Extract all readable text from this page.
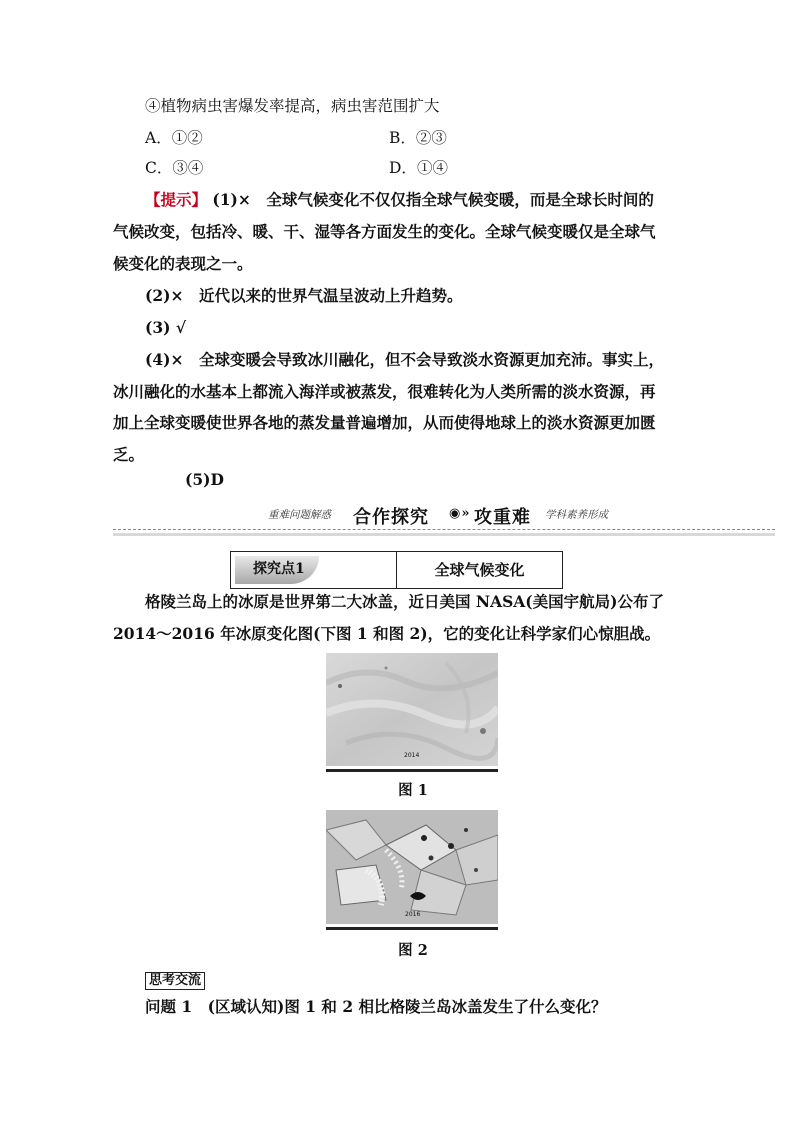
④植物病虫害爆发率提高，病虫害范围扩大
A．①②	B．②③
C．③④	D．①④
【提示】 (1)×　全球气候变化不仅仅指全球气候变暖，而是全球长时间的
气候改变，包括冷、暖、干、湿等各方面发生的变化。全球气候变暖仅是全球气
候变化的表现之一。
(2)×　近代以来的世界气温呈波动上升趋势。
(3) √
(4)×　全球变暖会导致冰川融化，但不会导致淡水资源更加充沛。事实上，
冰川融化的水基本上都流入海洋或被蒸发，很难转化为人类所需的淡水资源，再
加上全球变暖使世界各地的蒸发量普遍增加，从而使得地球上的淡水资源更加匮
乏。
(5)D
重难问题解惑 合作探究 ◉» 攻重难 学科素养形成
探究点1	全球气候变化
格陵兰岛上的冰原是世界第二大冰盖，近日美国 NASA(美国宇航局)公布了
2014～2016 年冰原变化图(下图 1 和图 2)，它的变化让科学家们心惊胆战。
2014
图 1
2016
图 2
思考交流
问题 1　(区域认知)图 1 和 2 相比格陵兰岛冰盖发生了什么变化？
